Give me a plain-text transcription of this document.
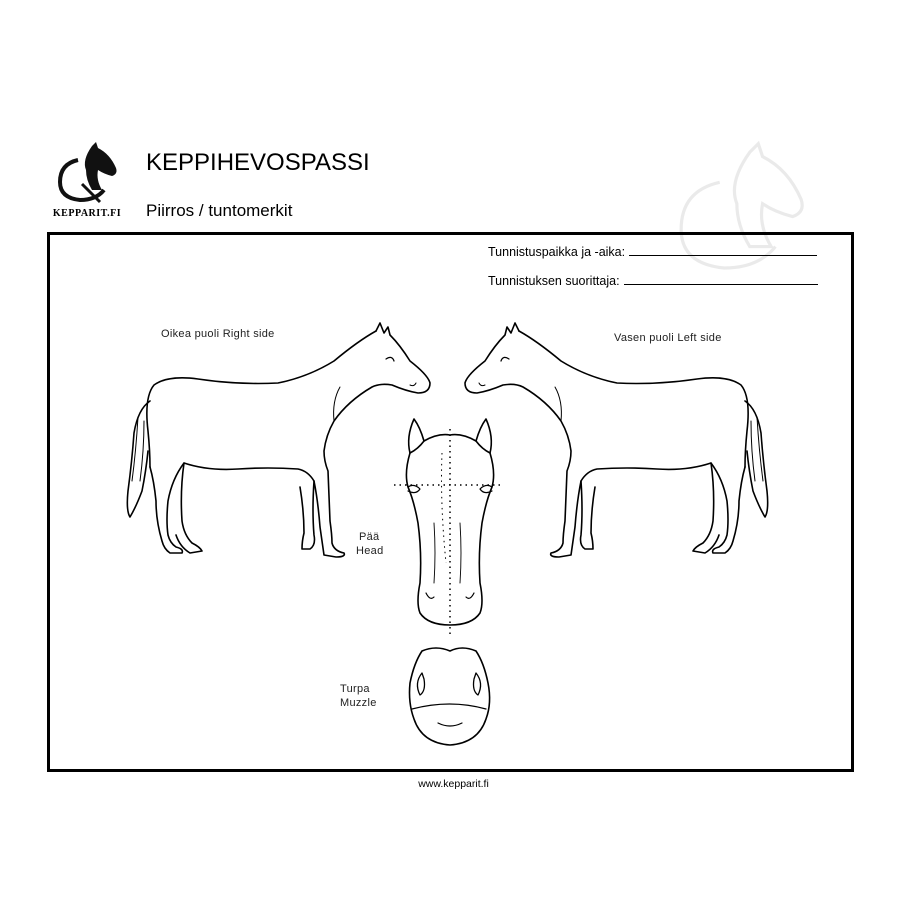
KEPPARIT.FI
KEPPIHEVOSPASSI
Piirros / tuntomerkit
Tunnistuspaikka ja -aika:
Tunnistuksen suorittaja:
Oikea puoli Right side	Vasen puoli Left side
Pää
Head
Turpa
Muzzle
www.kepparit.fi
